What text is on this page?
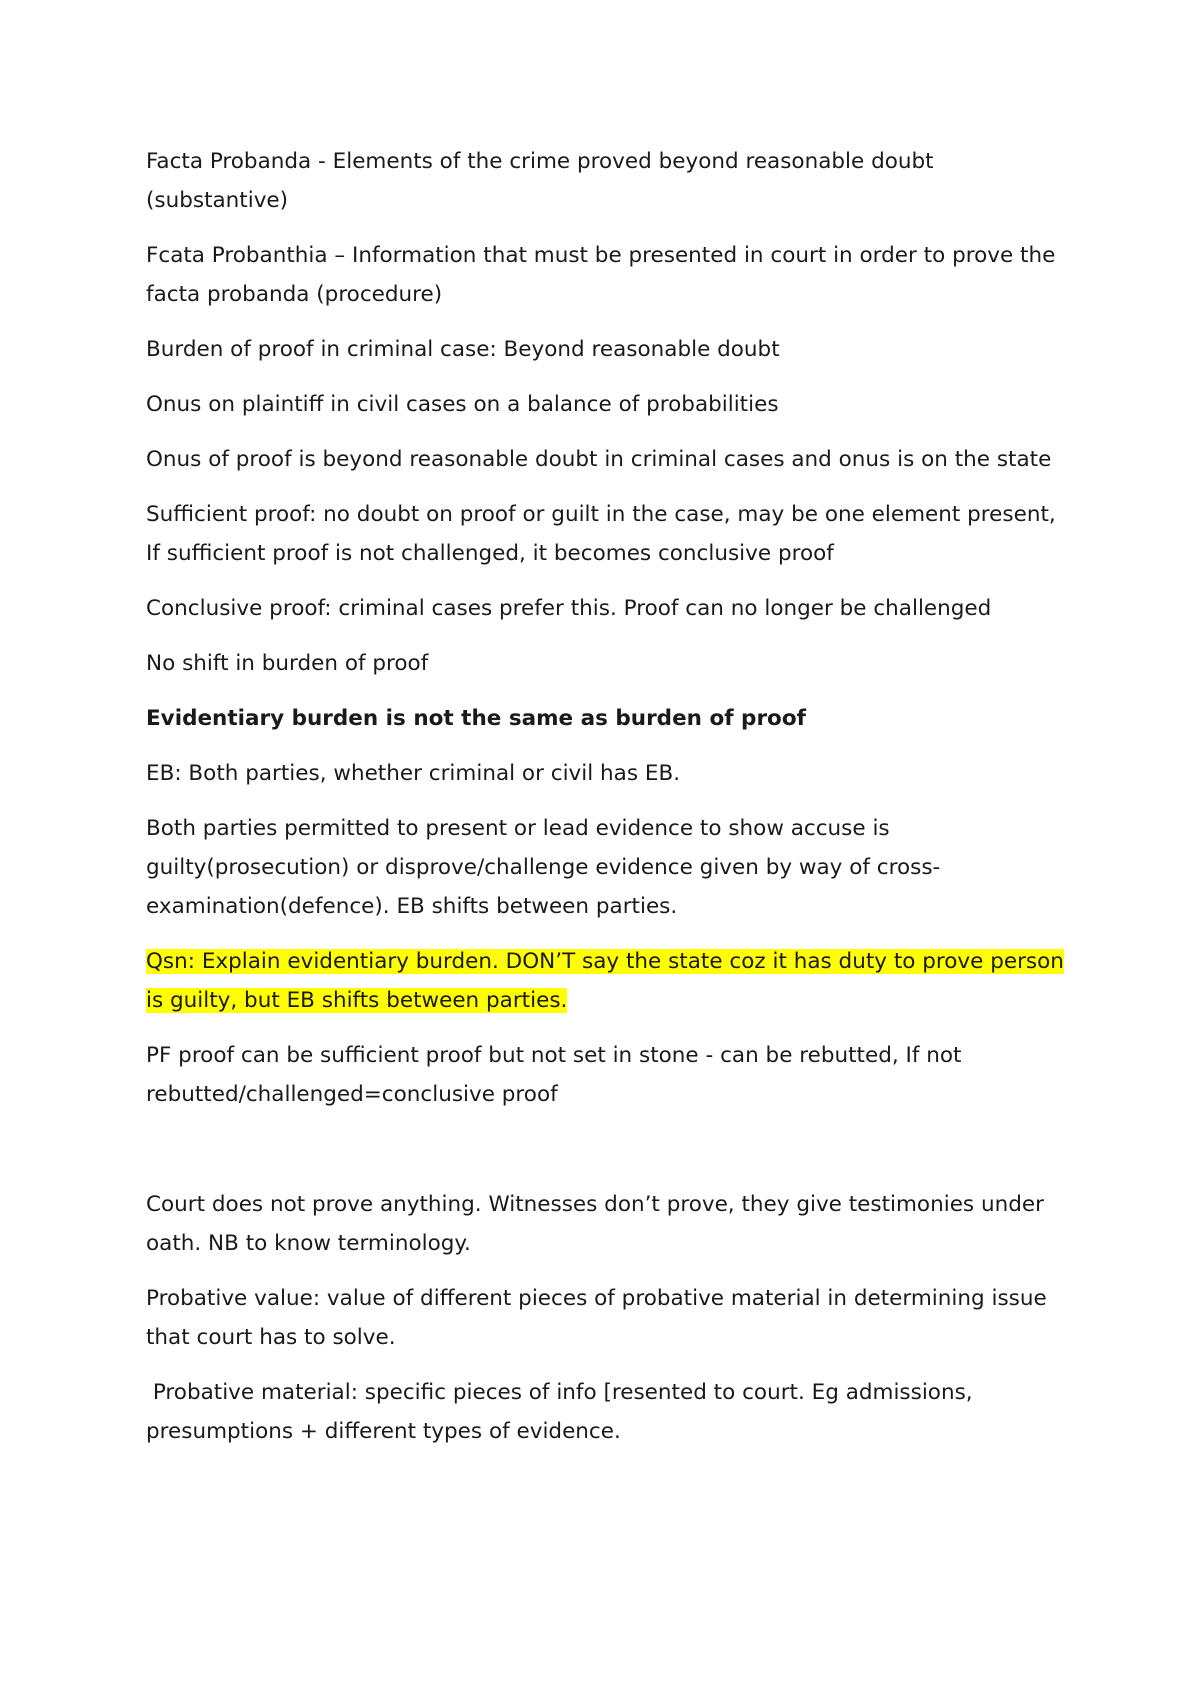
Facta Probanda - Elements of the crime proved beyond reasonable doubt (substantive)

Fcata Probanthia – Information that must be presented in court in order to prove the facta probanda (procedure)

Burden of proof in criminal case: Beyond reasonable doubt

Onus on plaintiff in civil cases on a balance of probabilities

Onus of proof is beyond reasonable doubt in criminal cases and onus is on the state

Sufficient proof: no doubt on proof or guilt in the case, may be one element present, If sufficient proof is not challenged, it becomes conclusive proof

Conclusive proof: criminal cases prefer this. Proof can no longer be challenged

No shift in burden of proof

Evidentiary burden is not the same as burden of proof

EB: Both parties, whether criminal or civil has EB.

Both parties permitted to present or lead evidence to show accuse is guilty(prosecution) or disprove/challenge evidence given by way of cross-examination(defence). EB shifts between parties.

Qsn: Explain evidentiary burden. DON’T say the state coz it has duty to prove person is guilty, but EB shifts between parties.

PF proof can be sufficient proof but not set in stone - can be rebutted, If not rebutted/challenged=conclusive proof

Court does not prove anything. Witnesses don’t prove, they give testimonies under oath. NB to know terminology.

Probative value: value of different pieces of probative material in determining issue that court has to solve.

Probative material: specific pieces of info [resented to court. Eg admissions, presumptions + different types of evidence.
